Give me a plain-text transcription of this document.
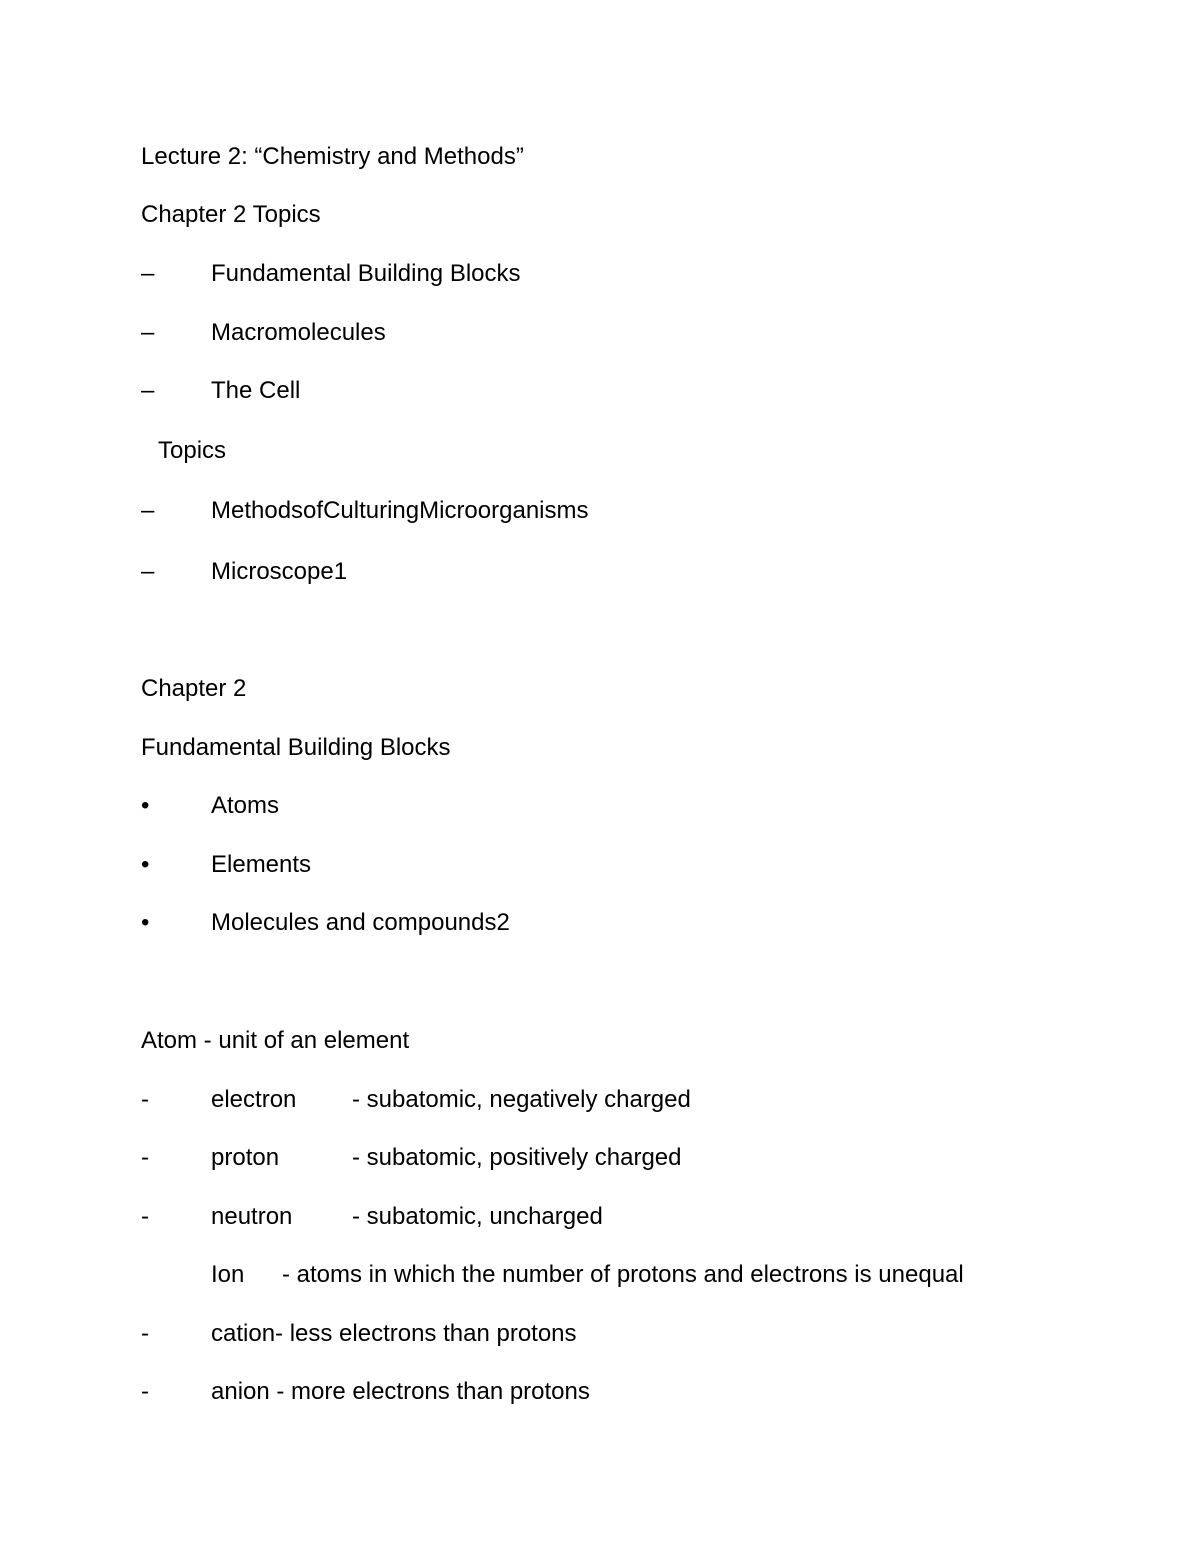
Lecture 2: “Chemistry and Methods”
Chapter 2 Topics
– Fundamental Building Blocks
– Macromolecules
– The Cell
Topics
– MethodsofCulturingMicroorganisms
– Microscope1
Chapter 2
Fundamental Building Blocks
•	Atoms
•	Elements
•	Molecules and compounds2
Atom - unit of an element
-	electron - subatomic, negatively charged
-	proton	- subatomic, positively charged
-	neutron - subatomic, uncharged
Ion - atoms in which the number of protons and electrons is unequal
-	cation- less electrons than protons
-	anion - more electrons than protons
